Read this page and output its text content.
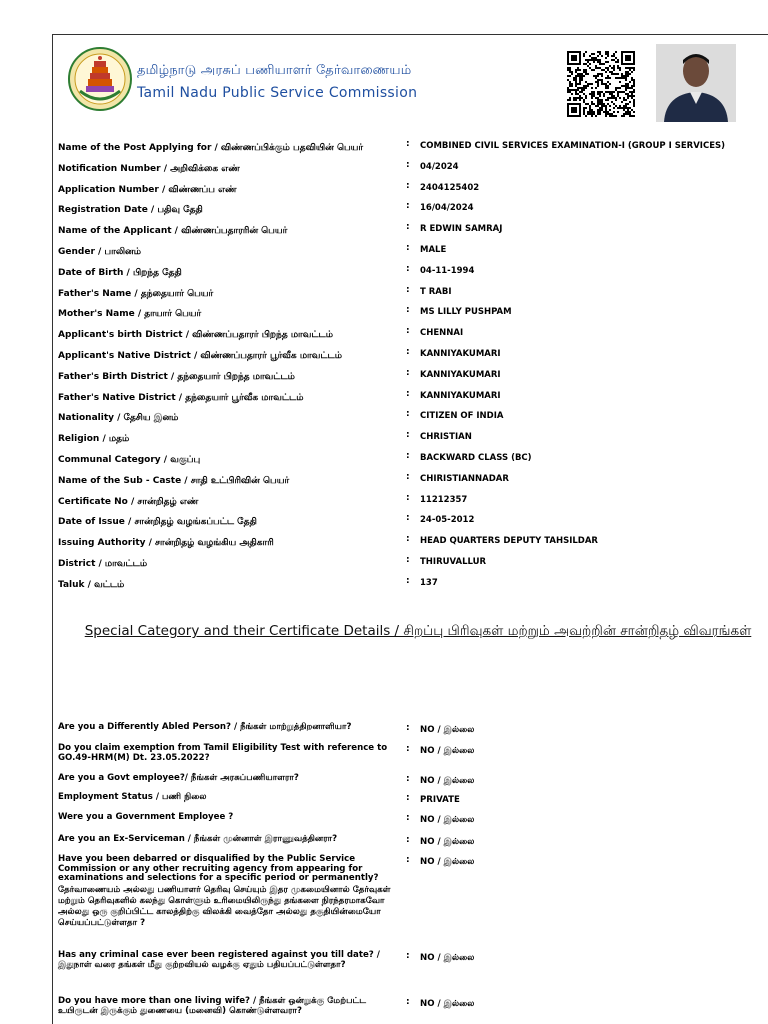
தமிழ்நாடு அரசுப் பணியாளர் தேர்வாணையம்
Tamil Nadu Public Service Commission
Name of the Post Applying for / விண்ணப்பிக்கும் பதவியின் பெயர்	: COMBINED CIVIL SERVICES EXAMINATION-I (GROUP I SERVICES)
Notification Number / அறிவிக்கை எண்	: 04/2024
Application Number / விண்ணப்ப எண்	: 2404125402
Registration Date / பதிவு தேதி	: 16/04/2024
Name of the Applicant / விண்ணப்பதாரரின் பெயர்	: R EDWIN SAMRAJ
Gender / பாலினம்	: MALE
Date of Birth / பிறந்த தேதி	: 04-11-1994
Father's Name / தந்தையார் பெயர்	: T RABI
Mother's Name / தாயார் பெயர்	: MS LILLY PUSHPAM
Applicant's birth District / விண்ணப்பதாரர் பிறந்த மாவட்டம்	: CHENNAI
Applicant's Native District / விண்ணப்பதாரர் பூர்வீக மாவட்டம்	: KANNIYAKUMARI
Father's Birth District / தந்தையார் பிறந்த மாவட்டம்	: KANNIYAKUMARI
Father's Native District / தந்தையார் பூர்வீக மாவட்டம்	: KANNIYAKUMARI
Nationality / தேசிய இனம்	: CITIZEN OF INDIA
Religion / மதம்	: CHRISTIAN
Communal Category / வகுப்பு	: BACKWARD CLASS (BC)
Name of the Sub - Caste / சாதி உட்பிரிவின் பெயர்	: CHIRISTIANNADAR
Certificate No / சான்றிதழ் எண்	: 11212357
Date of Issue / சான்றிதழ் வழங்கப்பட்ட தேதி	: 24-05-2012
Issuing Authority / சான்றிதழ் வழங்கிய அதிகாரி	: HEAD QUARTERS DEPUTY TAHSILDAR
District / மாவட்டம்	: THIRUVALLUR
Taluk / வட்டம்	: 137
Special Category and their Certificate Details / சிறப்பு பிரிவுகள் மற்றும் அவற்றின் சான்றிதழ் விவரங்கள்
Are you a Differently Abled Person? / நீங்கள் மாற்றுத்திறனாளியா?	: NO / இல்லை
Do you claim exemption from Tamil Eligibility Test with reference to GO.49-HRM(M) Dt. 23.05.2022?
: NO / இல்லை
Are you a Govt employee?/ நீங்கள் அரசுப்பணியாளரா?	: NO / இல்லை
Employment Status / பணி நிலை	: PRIVATE
Were you a Government Employee ?	: NO / இல்லை
Are you an Ex-Serviceman / நீங்கள் முன்னாள் இராணுவத்தினரா?	: NO / இல்லை
Have you been debarred or disqualified by the Public Service Commission or any other recruiting agency from appearing for examinations and selections for a specific period or permanently?
தேர்வாணையம் அல்லது பணியாளர் தெரிவு செய்யும் இதர முகமையினால் தேர்வுகள் மற்றும் தெரிவுகளில் கலந்து கொள்ளும் உரிமையிலிருந்து தங்களை நிரந்தரமாகவோ அல்லது ஒரு குறிப்பிட்ட காலத்திற்கு விலக்கி வைத்தோ அல்லது தகுதியின்மையோ செய்யப்பட்டுள்ளதா ?
: NO / இல்லை
Has any criminal case ever been registered against you till date? / இதுநாள் வரை தங்கள் மீது குற்றவியல் வழக்கு ஏதும் பதியப்பட்டுள்ளதா?
: NO / இல்லை
Do you have more than one living wife? / நீங்கள் ஒன்றுக்கு மேற்பட்ட உயிருடன் இருக்கும் துணையை (மனைவி) கொண்டுள்ளவரா?
: NO / இல்லை
